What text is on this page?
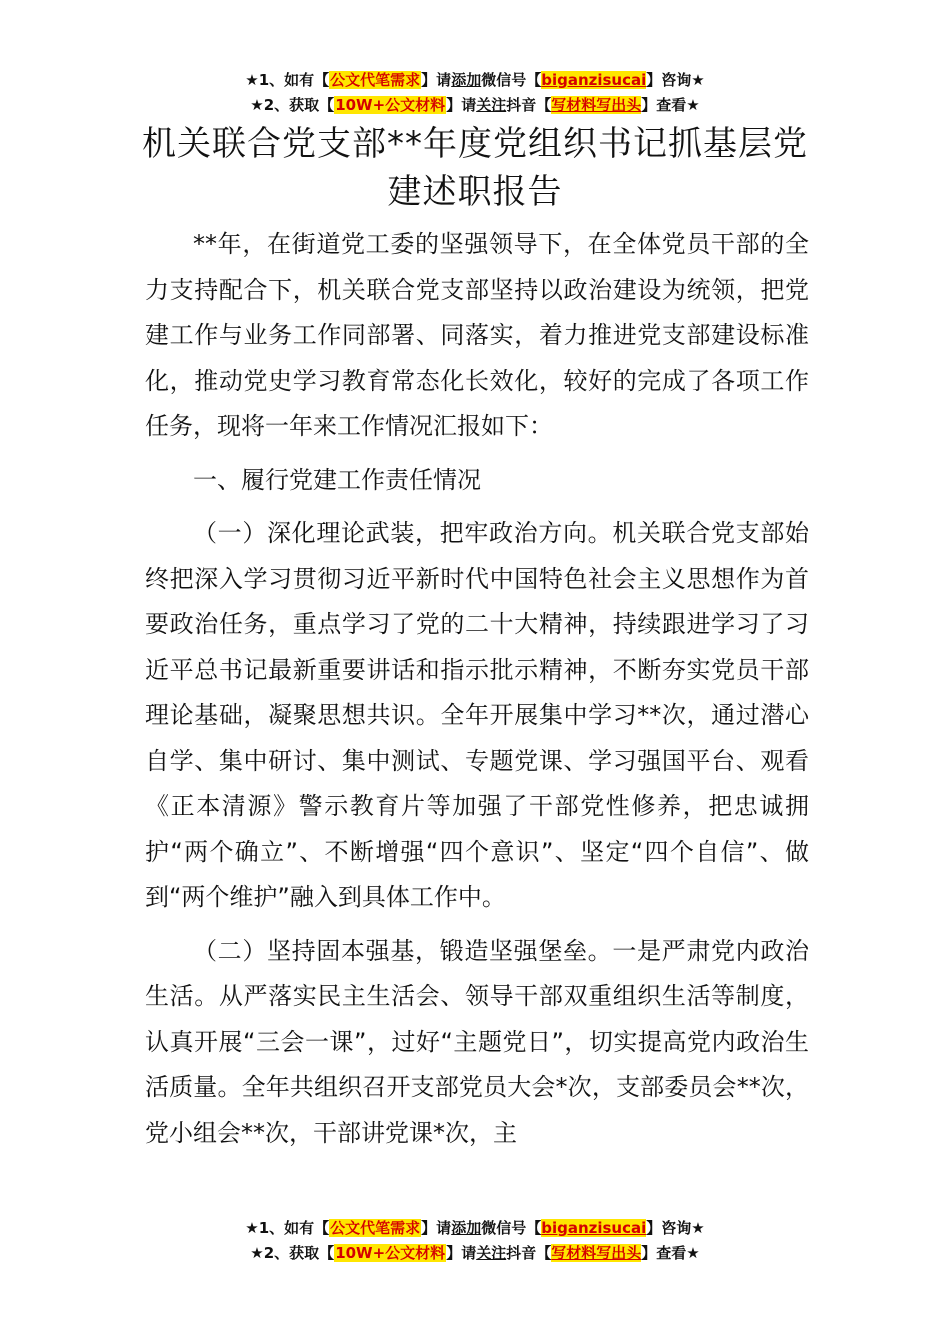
★1、如有【公文代笔需求】请添加微信号【biganzisucai】咨询★
★2、获取【10W+公文材料】请关注抖音【写材料写出头】查看★
机关联合党支部**年度党组织书记抓基层党
建述职报告

**年，在街道党工委的坚强领导下，在全体党员干部的全力支持配合下，机关联合党支部坚持以政治建设为统领，把党建工作与业务工作同部署、同落实，着力推进党支部建设标准化，推动党史学习教育常态化长效化，较好的完成了各项工作任务，现将一年来工作情况汇报如下：

一、履行党建工作责任情况

（一）深化理论武装，把牢政治方向。机关联合党支部始终把深入学习贯彻习近平新时代中国特色社会主义思想作为首要政治任务，重点学习了党的二十大精神，持续跟进学习了习近平总书记最新重要讲话和指示批示精神，不断夯实党员干部理论基础，凝聚思想共识。全年开展集中学习**次，通过潜心自学、集中研讨、集中测试、专题党课、学习强国平台、观看《正本清源》警示教育片等加强了干部党性修养，把忠诚拥护“两个确立”、不断增强“四个意识”、坚定“四个自信”、做到“两个维护”融入到具体工作中。

（二）坚持固本强基，锻造坚强堡垒。一是严肃党内政治生活。从严落实民主生活会、领导干部双重组织生活等制度，认真开展“三会一课”，过好“主题党日”，切实提高党内政治生活质量。全年共组织召开支部党员大会*次，支部委员会**次，党小组会**次，干部讲党课*次，主

★1、如有【公文代笔需求】请添加微信号【biganzisucai】咨询★
★2、获取【10W+公文材料】请关注抖音【写材料写出头】查看★
